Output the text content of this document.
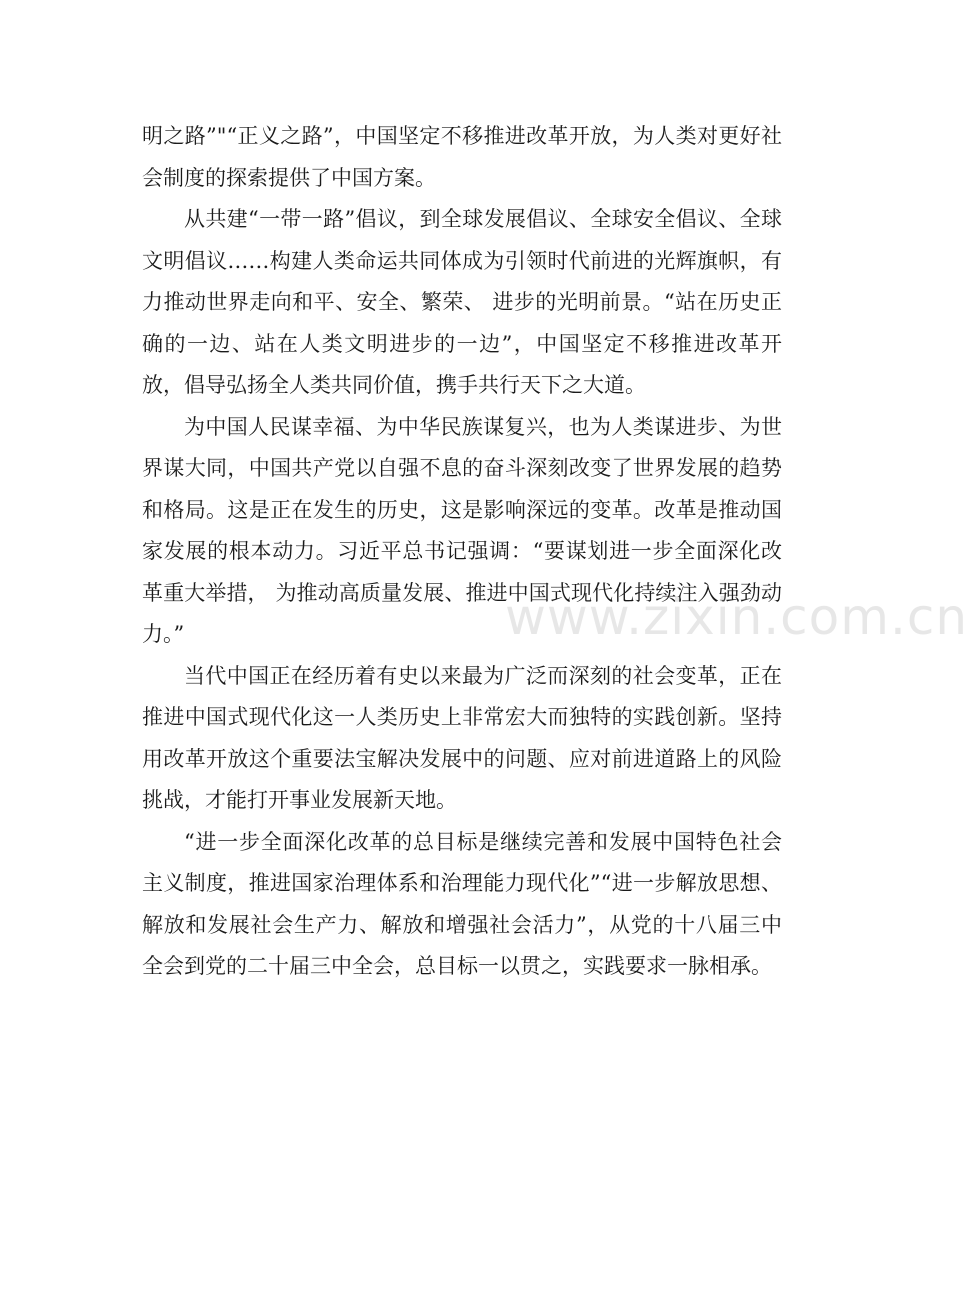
明之路”"“正义之路”，中国坚定不移推进改革开放，为人类对更好社会制度的探索提供了中国方案。

从共建“一带一路”倡议，到全球发展倡议、全球安全倡议、全球文明倡议……构建人类命运共同体成为引领时代前进的光辉旗帜，有力推动世界走向和平、安全、繁荣、 进步的光明前景。“站在历史正确的一边、站在人类文明进步的一边”，中国坚定不移推进改革开放，倡导弘扬全人类共同价值，携手共行天下之大道。

为中国人民谋幸福、为中华民族谋复兴，也为人类谋进步、为世界谋大同，中国共产党以自强不息的奋斗深刻改变了世界发展的趋势和格局。这是正在发生的历史，这是影响深远的变革。改革是推动国家发展的根本动力。习近平总书记强调：“要谋划进一步全面深化改革重大举措， 为推动高质量发展、推进中国式现代化持续注入强劲动力。”

当代中国正在经历着有史以来最为广泛而深刻的社会变革，正在推进中国式现代化这一人类历史上非常宏大而独特的实践创新。坚持用改革开放这个重要法宝解决发展中的问题、应对前进道路上的风险挑战，才能打开事业发展新天地。

“进一步全面深化改革的总目标是继续完善和发展中国特色社会主义制度，推进国家治理体系和治理能力现代化”“进一步解放思想、解放和发展社会生产力、解放和增强社会活力”，从党的十八届三中全会到党的二十届三中全会，总目标一以贯之，实践要求一脉相承。

www.zixin.com.cn
